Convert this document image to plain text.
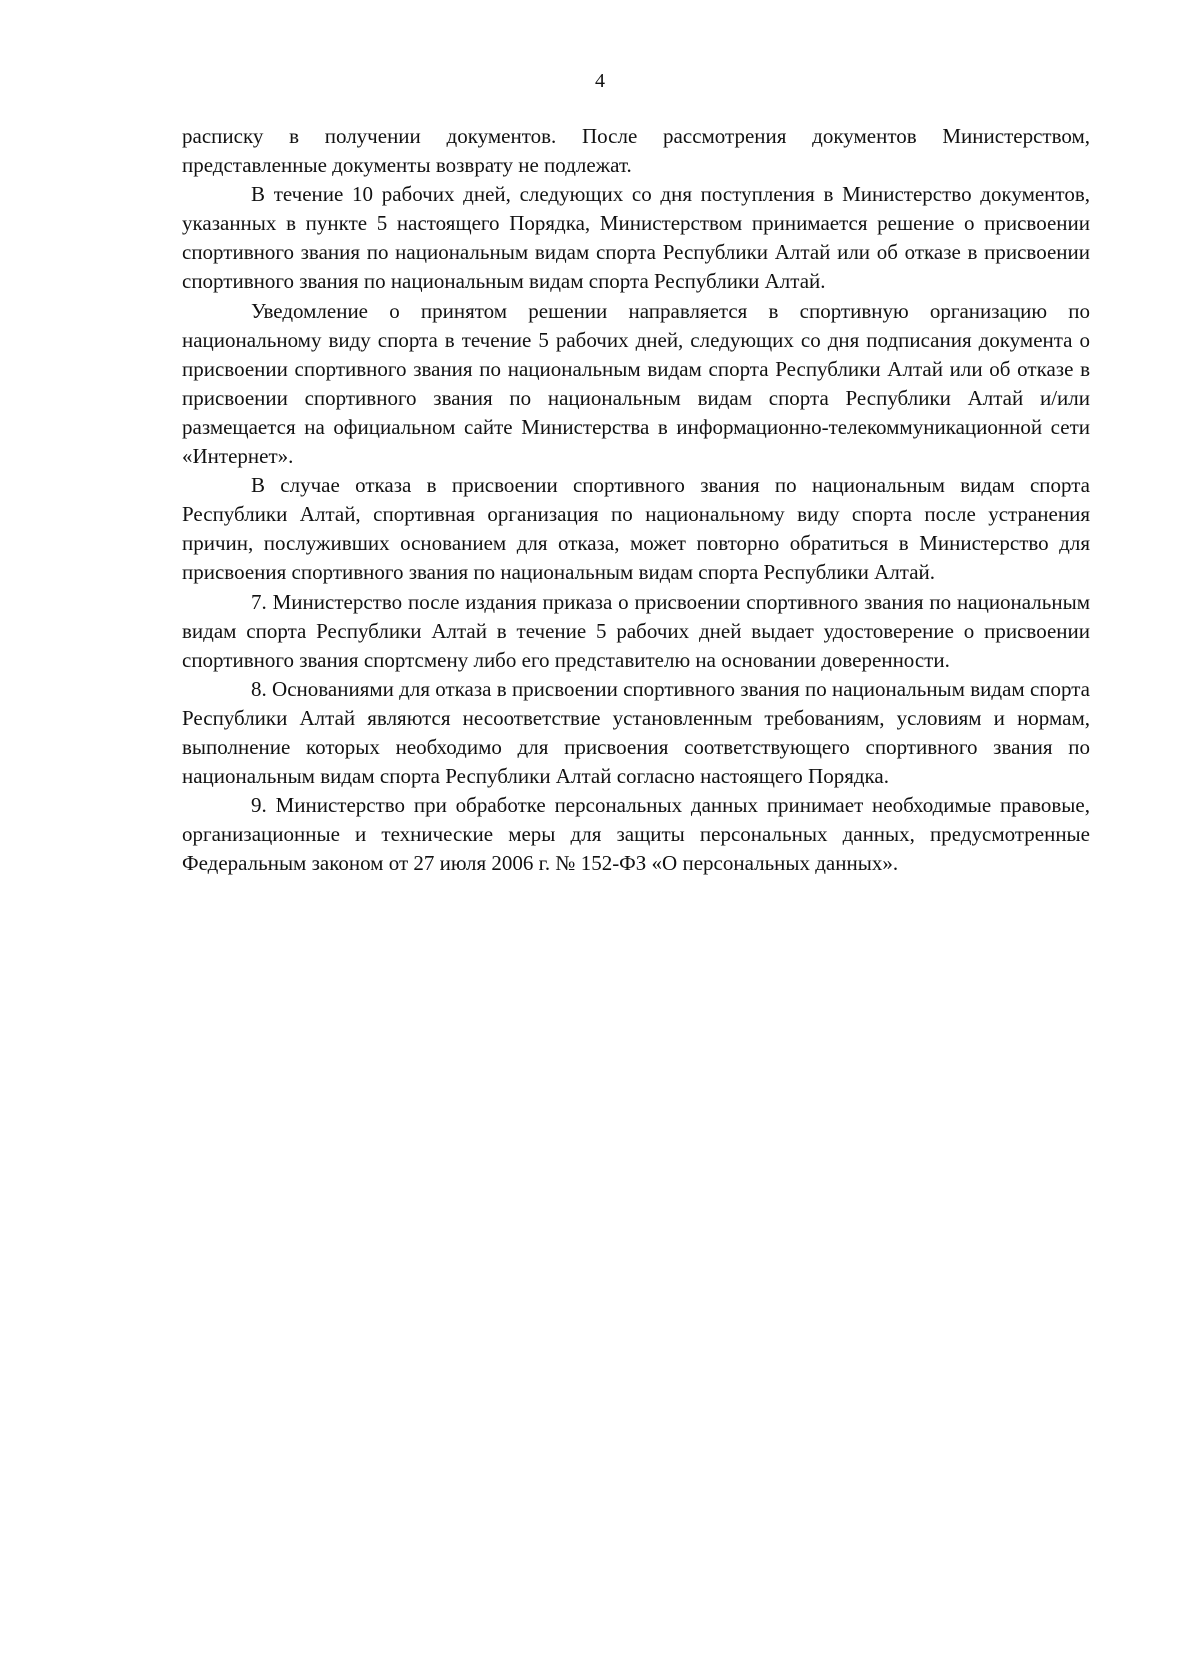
4

расписку в получении документов. После рассмотрения документов Министерством, представленные документы возврату не подлежат.

В течение 10 рабочих дней, следующих со дня поступления в Министерство документов, указанных в пункте 5 настоящего Порядка, Министерством принимается решение о присвоении спортивного звания по национальным видам спорта Республики Алтай или об отказе в присвоении спортивного звания по национальным видам спорта Республики Алтай.

Уведомление о принятом решении направляется в спортивную организацию по национальному виду спорта в течение 5 рабочих дней, следующих со дня подписания документа о присвоении спортивного звания по национальным видам спорта Республики Алтай или об отказе в присвоении спортивного звания по национальным видам спорта Республики Алтай и/или размещается на официальном сайте Министерства в информационно-телекоммуникационной сети «Интернет».

В случае отказа в присвоении спортивного звания по национальным видам спорта Республики Алтай, спортивная организация по национальному виду спорта после устранения причин, послуживших основанием для отказа, может повторно обратиться в Министерство для присвоения спортивного звания по национальным видам спорта Республики Алтай.

7. Министерство после издания приказа о присвоении спортивного звания по национальным видам спорта Республики Алтай в течение 5 рабочих дней выдает удостоверение о присвоении спортивного звания спортсмену либо его представителю на основании доверенности.

8. Основаниями для отказа в присвоении спортивного звания по национальным видам спорта Республики Алтай являются несоответствие установленным требованиям, условиям и нормам, выполнение которых необходимо для присвоения соответствующего спортивного звания по национальным видам спорта Республики Алтай согласно настоящего Порядка.

9. Министерство при обработке персональных данных принимает необходимые правовые, организационные и технические меры для защиты персональных данных, предусмотренные Федеральным законом от 27 июля 2006 г. № 152-ФЗ «О персональных данных».
